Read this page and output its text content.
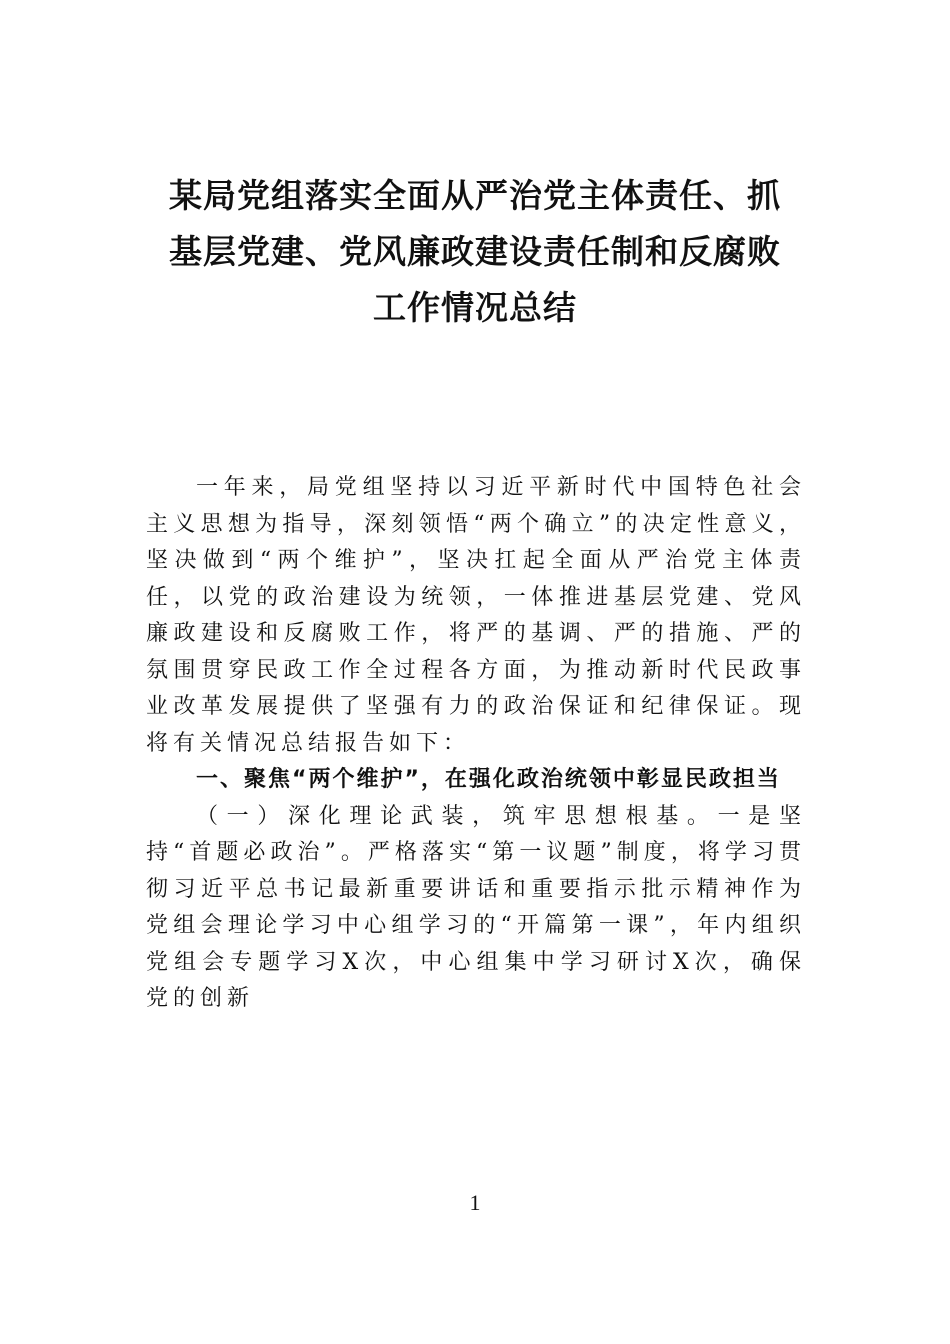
某局党组落实全面从严治党主体责任、抓
基层党建、党风廉政建设责任制和反腐败
工作情况总结

一年来，局党组坚持以习近平新时代中国特色社会主义思想为指导，深刻领悟“两个确立”的决定性意义，坚决做到“两个维护”，坚决扛起全面从严治党主体责任，以党的政治建设为统领，一体推进基层党建、党风廉政建设和反腐败工作，将严的基调、严的措施、严的氛围贯穿民政工作全过程各方面，为推动新时代民政事业改革发展提供了坚强有力的政治保证和纪律保证。现将有关情况总结报告如下：

一、聚焦“两个维护”，在强化政治统领中彰显民政担当

（一）深化理论武装，筑牢思想根基。一是坚持“首题必政治”。严格落实“第一议题”制度，将学习贯彻习近平总书记最新重要讲话和重要指示批示精神作为党组会理论学习中心组学习的“开篇第一课”，年内组织党组会专题学习X次，中心组集中学习研讨X次，确保党的创新

1
